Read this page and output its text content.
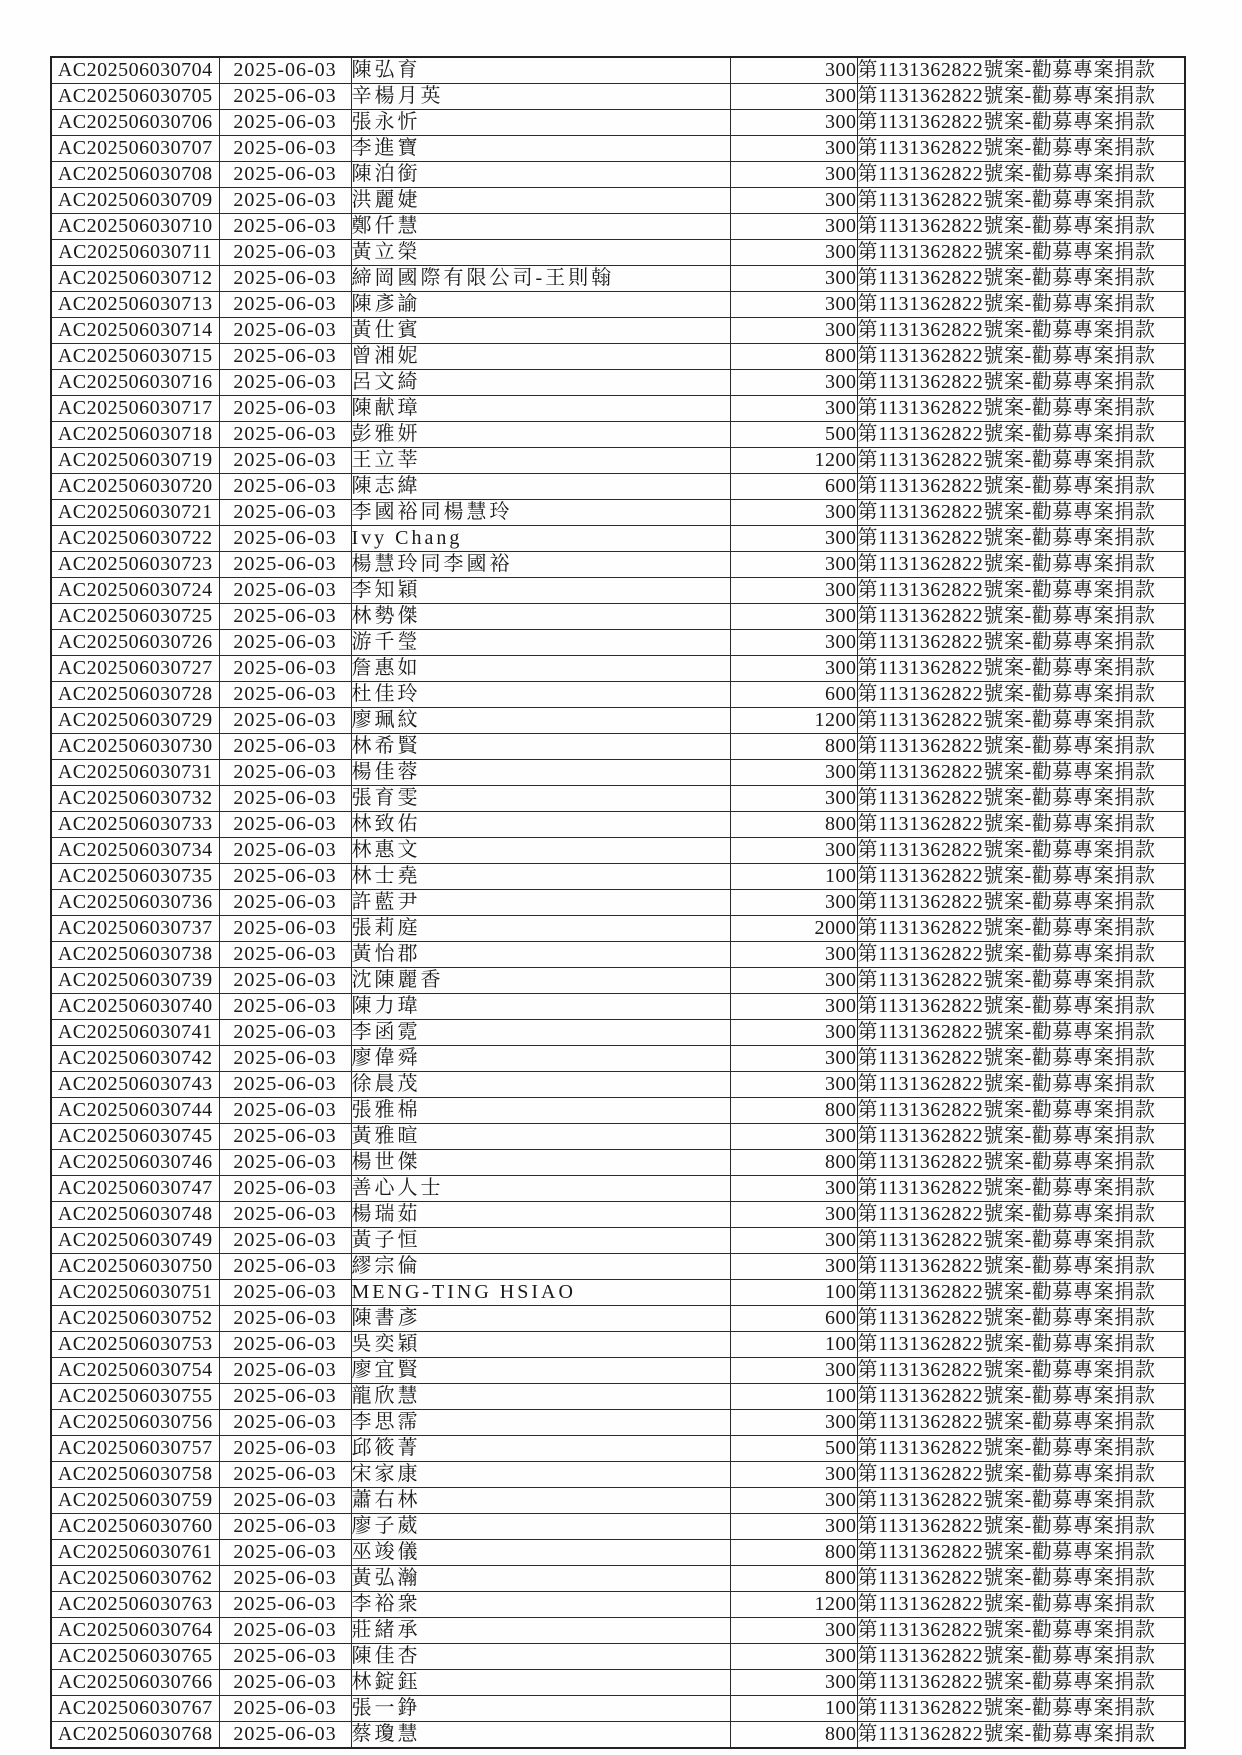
AC202506030704	2025-06-03	陳弘育	300	第1131362822號案-勸募專案捐款
AC202506030705	2025-06-03	辛楊月英	300	第1131362822號案-勸募專案捐款
AC202506030706	2025-06-03	張永忻	300	第1131362822號案-勸募專案捐款
AC202506030707	2025-06-03	李進寶	300	第1131362822號案-勸募專案捐款
AC202506030708	2025-06-03	陳泊銜	300	第1131362822號案-勸募專案捐款
AC202506030709	2025-06-03	洪麗婕	300	第1131362822號案-勸募專案捐款
AC202506030710	2025-06-03	鄭仟慧	300	第1131362822號案-勸募專案捐款
AC202506030711	2025-06-03	黃立榮	300	第1131362822號案-勸募專案捐款
AC202506030712	2025-06-03	締岡國際有限公司-王則翰	300	第1131362822號案-勸募專案捐款
AC202506030713	2025-06-03	陳彥諭	300	第1131362822號案-勸募專案捐款
AC202506030714	2025-06-03	黃仕賓	300	第1131362822號案-勸募專案捐款
AC202506030715	2025-06-03	曾湘妮	800	第1131362822號案-勸募專案捐款
AC202506030716	2025-06-03	呂文綺	300	第1131362822號案-勸募專案捐款
AC202506030717	2025-06-03	陳献璋	300	第1131362822號案-勸募專案捐款
AC202506030718	2025-06-03	彭雅妍	500	第1131362822號案-勸募專案捐款
AC202506030719	2025-06-03	王立莘	1200	第1131362822號案-勸募專案捐款
AC202506030720	2025-06-03	陳志緯	600	第1131362822號案-勸募專案捐款
AC202506030721	2025-06-03	李國裕同楊慧玲	300	第1131362822號案-勸募專案捐款
AC202506030722	2025-06-03	Ivy Chang	300	第1131362822號案-勸募專案捐款
AC202506030723	2025-06-03	楊慧玲同李國裕	300	第1131362822號案-勸募專案捐款
AC202506030724	2025-06-03	李知穎	300	第1131362822號案-勸募專案捐款
AC202506030725	2025-06-03	林勢傑	300	第1131362822號案-勸募專案捐款
AC202506030726	2025-06-03	游千瑩	300	第1131362822號案-勸募專案捐款
AC202506030727	2025-06-03	詹惠如	300	第1131362822號案-勸募專案捐款
AC202506030728	2025-06-03	杜佳玲	600	第1131362822號案-勸募專案捐款
AC202506030729	2025-06-03	廖珮紋	1200	第1131362822號案-勸募專案捐款
AC202506030730	2025-06-03	林希賢	800	第1131362822號案-勸募專案捐款
AC202506030731	2025-06-03	楊佳蓉	300	第1131362822號案-勸募專案捐款
AC202506030732	2025-06-03	張育雯	300	第1131362822號案-勸募專案捐款
AC202506030733	2025-06-03	林致佑	800	第1131362822號案-勸募專案捐款
AC202506030734	2025-06-03	林惠文	300	第1131362822號案-勸募專案捐款
AC202506030735	2025-06-03	林士堯	100	第1131362822號案-勸募專案捐款
AC202506030736	2025-06-03	許藍尹	300	第1131362822號案-勸募專案捐款
AC202506030737	2025-06-03	張莉庭	2000	第1131362822號案-勸募專案捐款
AC202506030738	2025-06-03	黃怡郡	300	第1131362822號案-勸募專案捐款
AC202506030739	2025-06-03	沈陳麗香	300	第1131362822號案-勸募專案捐款
AC202506030740	2025-06-03	陳力瑋	300	第1131362822號案-勸募專案捐款
AC202506030741	2025-06-03	李函霓	300	第1131362822號案-勸募專案捐款
AC202506030742	2025-06-03	廖偉舜	300	第1131362822號案-勸募專案捐款
AC202506030743	2025-06-03	徐晨茂	300	第1131362822號案-勸募專案捐款
AC202506030744	2025-06-03	張雅棉	800	第1131362822號案-勸募專案捐款
AC202506030745	2025-06-03	黃雅暄	300	第1131362822號案-勸募專案捐款
AC202506030746	2025-06-03	楊世傑	800	第1131362822號案-勸募專案捐款
AC202506030747	2025-06-03	善心人士	300	第1131362822號案-勸募專案捐款
AC202506030748	2025-06-03	楊瑞茹	300	第1131362822號案-勸募專案捐款
AC202506030749	2025-06-03	黃子恒	300	第1131362822號案-勸募專案捐款
AC202506030750	2025-06-03	繆宗倫	300	第1131362822號案-勸募專案捐款
AC202506030751	2025-06-03	MENG-TING HSIAO	100	第1131362822號案-勸募專案捐款
AC202506030752	2025-06-03	陳書彥	600	第1131362822號案-勸募專案捐款
AC202506030753	2025-06-03	吳奕穎	100	第1131362822號案-勸募專案捐款
AC202506030754	2025-06-03	廖宜賢	300	第1131362822號案-勸募專案捐款
AC202506030755	2025-06-03	龍欣慧	100	第1131362822號案-勸募專案捐款
AC202506030756	2025-06-03	李思霈	300	第1131362822號案-勸募專案捐款
AC202506030757	2025-06-03	邱筱菁	500	第1131362822號案-勸募專案捐款
AC202506030758	2025-06-03	宋家康	300	第1131362822號案-勸募專案捐款
AC202506030759	2025-06-03	蕭右林	300	第1131362822號案-勸募專案捐款
AC202506030760	2025-06-03	廖子葳	300	第1131362822號案-勸募專案捐款
AC202506030761	2025-06-03	巫竣儀	800	第1131362822號案-勸募專案捐款
AC202506030762	2025-06-03	黃弘瀚	800	第1131362822號案-勸募專案捐款
AC202506030763	2025-06-03	李裕衆	1200	第1131362822號案-勸募專案捐款
AC202506030764	2025-06-03	莊緒承	300	第1131362822號案-勸募專案捐款
AC202506030765	2025-06-03	陳佳杏	300	第1131362822號案-勸募專案捐款
AC202506030766	2025-06-03	林錠鈺	300	第1131362822號案-勸募專案捐款
AC202506030767	2025-06-03	張一錚	100	第1131362822號案-勸募專案捐款
AC202506030768	2025-06-03	蔡瓊慧	800	第1131362822號案-勸募專案捐款
